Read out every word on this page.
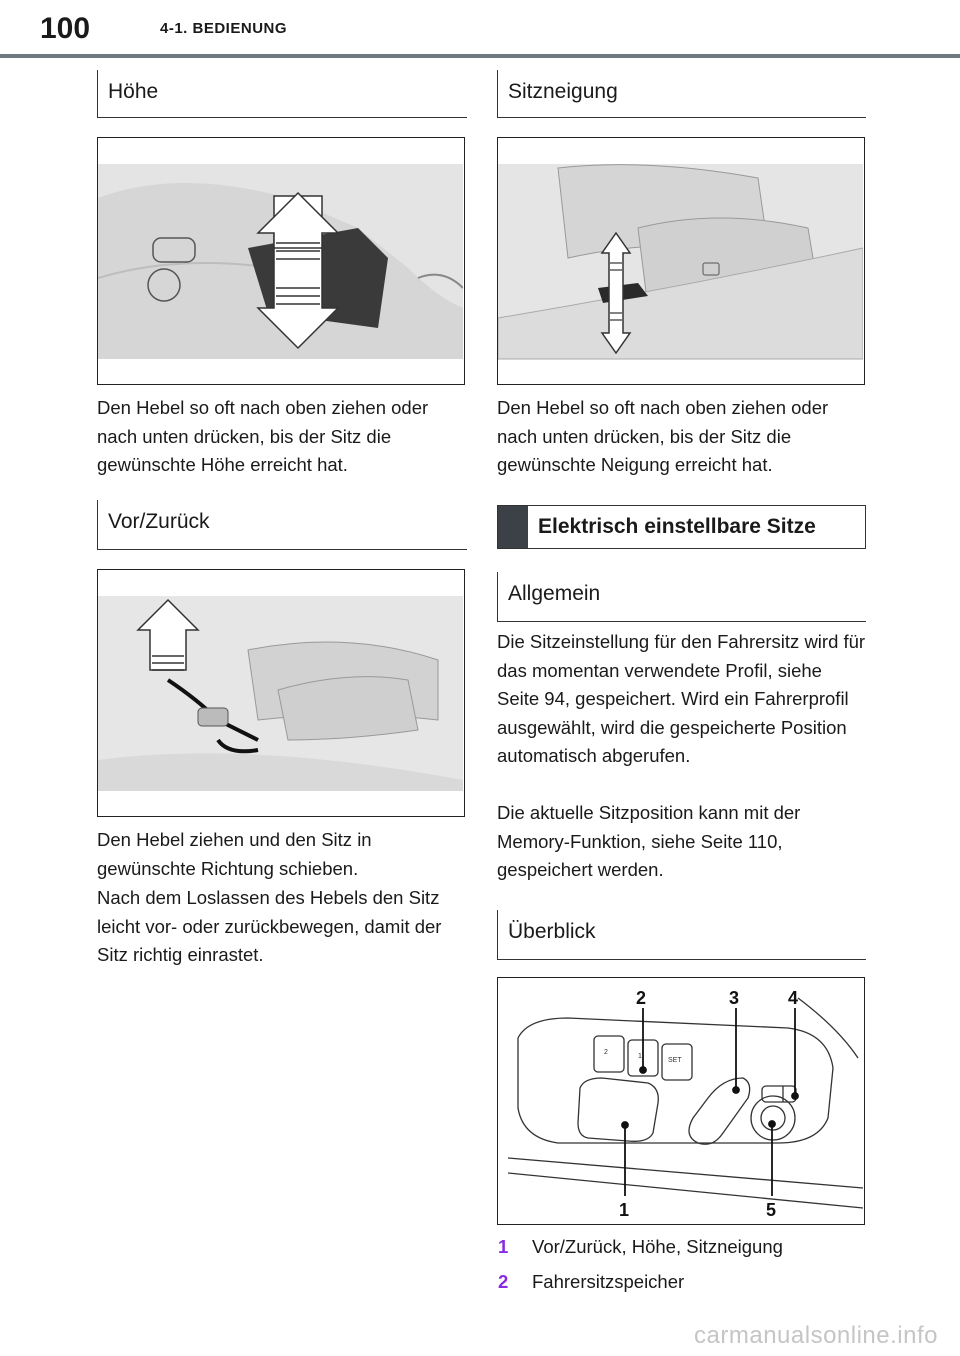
100	4-1. BEDIENUNG
Höhe

Den Hebel so oft nach oben ziehen oder nach unten drücken, bis der Sitz die gewünschte Höhe erreicht hat.

Vor/Zurück

Den Hebel ziehen und den Sitz in gewünschte Richtung schieben.

Nach dem Loslassen des Hebels den Sitz leicht vor- oder zurückbewegen, damit der Sitz richtig einrastet.

Sitzneigung

Den Hebel so oft nach oben ziehen oder nach unten drücken, bis der Sitz die gewünschte Neigung erreicht hat.

Elektrisch einstellbare Sitze
Allgemein

Die Sitzeinstellung für den Fahrersitz wird für das momentan verwendete Profil, siehe Seite 94, gespeichert. Wird ein Fahrerprofil ausgewählt, wird die gespeicherte Position automatisch abgerufen.

Die aktuelle Sitzposition kann mit der Memory-Funktion, siehe Seite 110, gespeichert werden.

Überblick
2
1
SET
2	3	4
1	5
1	Vor/Zurück, Höhe, Sitzneigung
2	Fahrersitzspeicher
carmanualsonline.info
